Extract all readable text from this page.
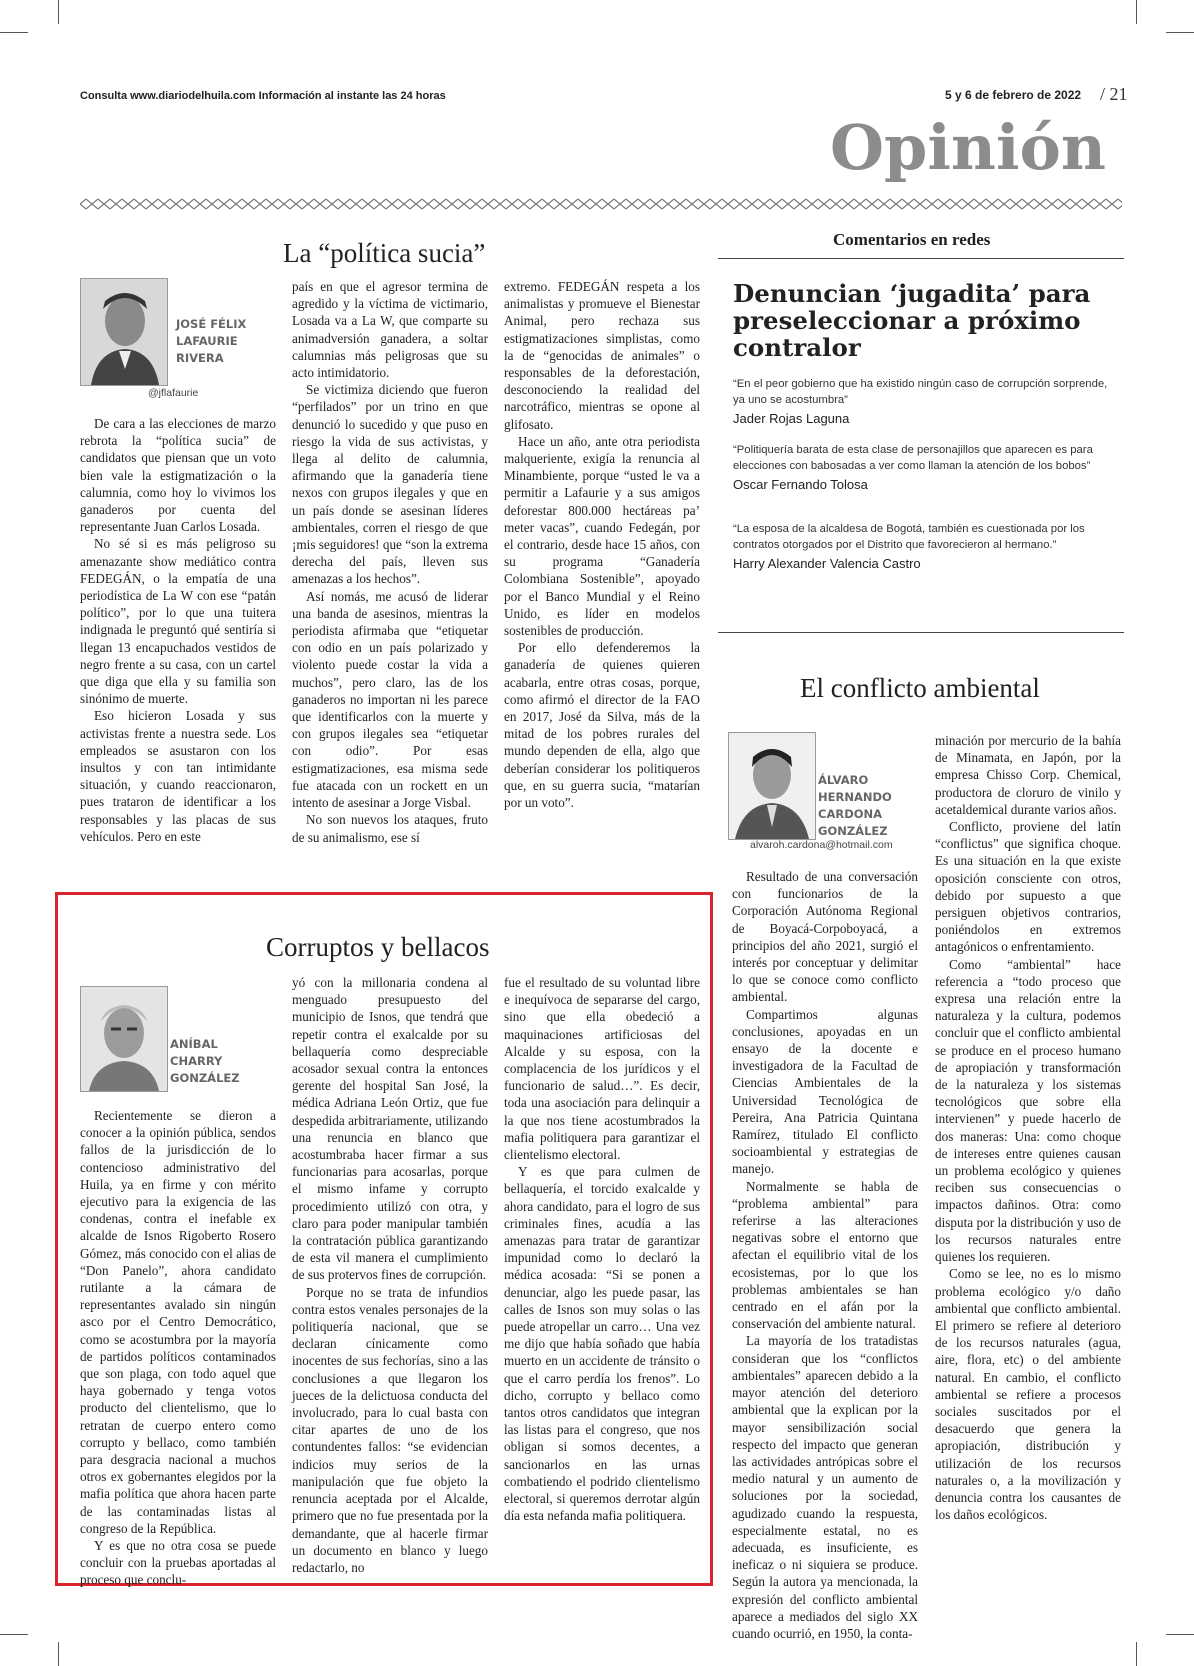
Consulta www.diariodelhuila.com Información al instante las 24 horas	5 y 6 de febrero de 2022 / 21
Opinión
La “política sucia”
JOSÉ FÉLIX
LAFAURIE
RIVERA
@jflafaurie

De cara a las elecciones de marzo rebrota la “política sucia” de candidatos que piensan que un voto bien vale la estigmatización o la calumnia, como hoy lo vivimos los ganaderos por cuenta del representante Juan Carlos Losada.

No sé si es más peligroso su amenazante show mediático contra FEDEGÁN, o la empatía de una periodística de La W con ese “patán político”, por lo que una tuitera indignada le preguntó qué sentiría si llegan 13 encapuchados vestidos de negro frente a su casa, con un cartel que diga que ella y su familia son sinónimo de muerte.

Eso hicieron Losada y sus activistas frente a nuestra sede. Los empleados se asustaron con los insultos y con tan intimidante situación, y cuando reaccionaron, pues trataron de identificar a los responsables y las placas de sus vehículos. Pero en este

país en que el agresor termina de agredido y la víctima de victimario, Losada va a La W, que comparte su animadversión ganadera, a soltar calumnias más peligrosas que su acto intimidatorio.

Se victimiza diciendo que fueron “perfilados” por un trino en que denunció lo sucedido y que puso en riesgo la vida de sus activistas, y llega al delito de calumnia, afirmando que la ganadería tiene nexos con grupos ilegales y que en un país donde se asesinan líderes ambientales, corren el riesgo de que ¡mis seguidores! que “son la extrema derecha del país, lleven sus amenazas a los hechos”.

Así nomás, me acusó de liderar una banda de asesinos, mientras la periodista afirmaba que “etiquetar con odio en un país polarizado y violento puede costar la vida a muchos”, pero claro, las de los ganaderos no importan ni les parece que identificarlos con la muerte y con grupos ilegales sea “etiquetar con odio”. Por esas estigmatizaciones, esa misma sede fue atacada con un rockett en un intento de asesinar a Jorge Visbal.

No son nuevos los ataques, fruto de su animalismo, ese sí

extremo. FEDEGÁN respeta a los animalistas y promueve el Bienestar Animal, pero rechaza sus estigmatizaciones simplistas, como la de “genocidas de animales” o responsables de la deforestación, desconociendo la realidad del narcotráfico, mientras se opone al glifosato.

Hace un año, ante otra periodista malqueriente, exigía la renuncia al Minambiente, porque “usted le va a permitir a Lafaurie y a sus amigos deforestar 800.000 hectáreas pa’ meter vacas”, cuando Fedegán, por el contrario, desde hace 15 años, con su programa “Ganadería Colombiana Sostenible”, apoyado por el Banco Mundial y el Reino Unido, es líder en modelos sostenibles de producción.

Por ello defenderemos la ganadería de quienes quieren acabarla, entre otras cosas, porque, como afirmó el director de la FAO en 2017, José da Silva, más de la mitad de los pobres rurales del mundo dependen de ella, algo que deberían considerar los politiqueros que, en su guerra sucia, “matarían por un voto”.

Comentarios en redes
Denuncian ‘jugadita’ para preseleccionar a próximo contralor
“En el peor gobierno que ha existido ningún caso de corrupción sorprende, ya uno se acostumbra”
Jader Rojas Laguna
“Politiquería barata de esta clase de personajillos que aparecen es para elecciones con babosadas a ver como llaman la atención de los bobos”
Oscar Fernando Tolosa
“La esposa de la alcaldesa de Bogotá, también es cuestionada por los contratos otorgados por el Distrito que favorecieron al hermano.”
Harry Alexander Valencia Castro
El conflicto ambiental
ÁLVARO
HERNANDO
CARDONA
GONZÁLEZ
alvaroh.cardona@hotmail.com

Resultado de una conversación con funcionarios de la Corporación Autónoma Regional de Boyacá-Corpoboyacá, a principios del año 2021, surgió el interés por conceptuar y delimitar lo que se conoce como conflicto ambiental.

Compartimos algunas conclusiones, apoyadas en un ensayo de la docente e investigadora de la Facultad de Ciencias Ambientales de la Universidad Tecnológica de Pereira, Ana Patricia Quintana Ramírez, titulado El conflicto socioambiental y estrategias de manejo.

Normalmente se habla de “problema ambiental” para referirse a las alteraciones negativas sobre el entorno que afectan el equilibrio vital de los ecosistemas, por lo que los problemas ambientales se han centrado en el afán por la conservación del ambiente natural.

La mayoría de los tratadistas consideran que los “conflictos ambientales” aparecen debido a la mayor atención del deterioro ambiental que la explican por la mayor sensibilización social respecto del impacto que generan las actividades antrópicas sobre el medio natural y un aumento de soluciones por la sociedad, agudizado cuando la respuesta, especialmente estatal, no es adecuada, es insuficiente, es ineficaz o ni siquiera se produce. Según la autora ya mencionada, la expresión del conflicto ambiental aparece a mediados del siglo XX cuando ocurrió, en 1950, la conta-

minación por mercurio de la bahía de Minamata, en Japón, por la empresa Chisso Corp. Chemical, productora de cloruro de vinilo y acetaldemical durante varios años.

Conflicto, proviene del latín “conflictus” que significa choque. Es una situación en la que existe oposición consciente con otros, debido por supuesto a que persiguen objetivos contrarios, poniéndolos en extremos antagónicos o enfrentamiento.

Como “ambiental” hace referencia a “todo proceso que expresa una relación entre la naturaleza y la cultura, podemos concluir que el conflicto ambiental se produce en el proceso humano de apropiación y transformación de la naturaleza y los sistemas tecnológicos que sobre ella intervienen” y puede hacerlo de dos maneras: Una: como choque de intereses entre quienes causan un problema ecológico y quienes reciben sus consecuencias o impactos dañinos. Otra: como disputa por la distribución y uso de los recursos naturales entre quienes los requieren.

Como se lee, no es lo mismo problema ecológico y/o daño ambiental que conflicto ambiental. El primero se refiere al deterioro de los recursos naturales (agua, aire, flora, etc) o del ambiente natural. En cambio, el conflicto ambiental se refiere a procesos sociales suscitados por el desacuerdo que genera la apropiación, distribución y utilización de los recursos naturales o, a la movilización y denuncia contra los causantes de los daños ecológicos.

Corruptos y bellacos
ANÍBAL
CHARRY
GONZÁLEZ

Recientemente se dieron a conocer a la opinión pública, sendos fallos de la jurisdicción de lo contencioso administrativo del Huila, ya en firme y con mérito ejecutivo para la exigencia de las condenas, contra el inefable ex alcalde de Isnos Rigoberto Rosero Gómez, más conocido con el alias de “Don Panelo”, ahora candidato rutilante a la cámara de representantes avalado sin ningún asco por el Centro Democrático, como se acostumbra por la mayoría de partidos políticos contaminados que son plaga, con todo aquel que haya gobernado y tenga votos producto del clientelismo, que lo retratan de cuerpo entero como corrupto y bellaco, como también para desgracia nacional a muchos otros ex gobernantes elegidos por la mafia política que ahora hacen parte de las contaminadas listas al congreso de la República.

Y es que no otra cosa se puede concluir con la pruebas aportadas al proceso que conclu-

yó con la millonaria condena al menguado presupuesto del municipio de Isnos, que tendrá que repetir contra el exalcalde por su bellaquería como despreciable acosador sexual contra la entonces gerente del hospital San José, la médica Adriana León Ortiz, que fue despedida arbitrariamente, utilizando una renuncia en blanco que acostumbraba hacer firmar a sus funcionarias para acosarlas, porque el mismo infame y corrupto procedimiento utilizó con otra, y claro para poder manipular también la contratación pública garantizando de esta vil manera el cumplimiento de sus protervos fines de corrupción.

Porque no se trata de infundios contra estos venales personajes de la politiquería nacional, que se declaran cínicamente como inocentes de sus fechorías, sino a las conclusiones a que llegaron los jueces de la delictuosa conducta del involucrado, para lo cual basta con citar apartes de uno de los contundentes fallos: “se evidencian indicios muy serios de la manipulación que fue objeto la renuncia aceptada por el Alcalde, primero que no fue presentada por la demandante, que al hacerle firmar un documento en blanco y luego redactarlo, no

fue el resultado de su voluntad libre e inequívoca de separarse del cargo, sino que ella obedeció a maquinaciones artificiosas del Alcalde y su esposa, con la complacencia de los jurídicos y el funcionario de salud…”. Es decir, toda una asociación para delinquir a la que nos tiene acostumbrados la mafia politiquera para garantizar el clientelismo electoral.

Y es que para culmen de bellaquería, el torcido exalcalde y ahora candidato, para el logro de sus criminales fines, acudía a las amenazas para tratar de garantizar impunidad como lo declaró la médica acosada: “Si se ponen a denunciar, algo les puede pasar, las calles de Isnos son muy solas o las puede atropellar un carro… Una vez me dijo que había soñado que había muerto en un accidente de tránsito o que el carro perdía los frenos”. Lo dicho, corrupto y bellaco como tantos otros candidatos que integran las listas para el congreso, que nos obligan si somos decentes, a sancionarlos en las urnas combatiendo el podrido clientelismo electoral, si queremos derrotar algún día esta nefanda mafia politiquera.
